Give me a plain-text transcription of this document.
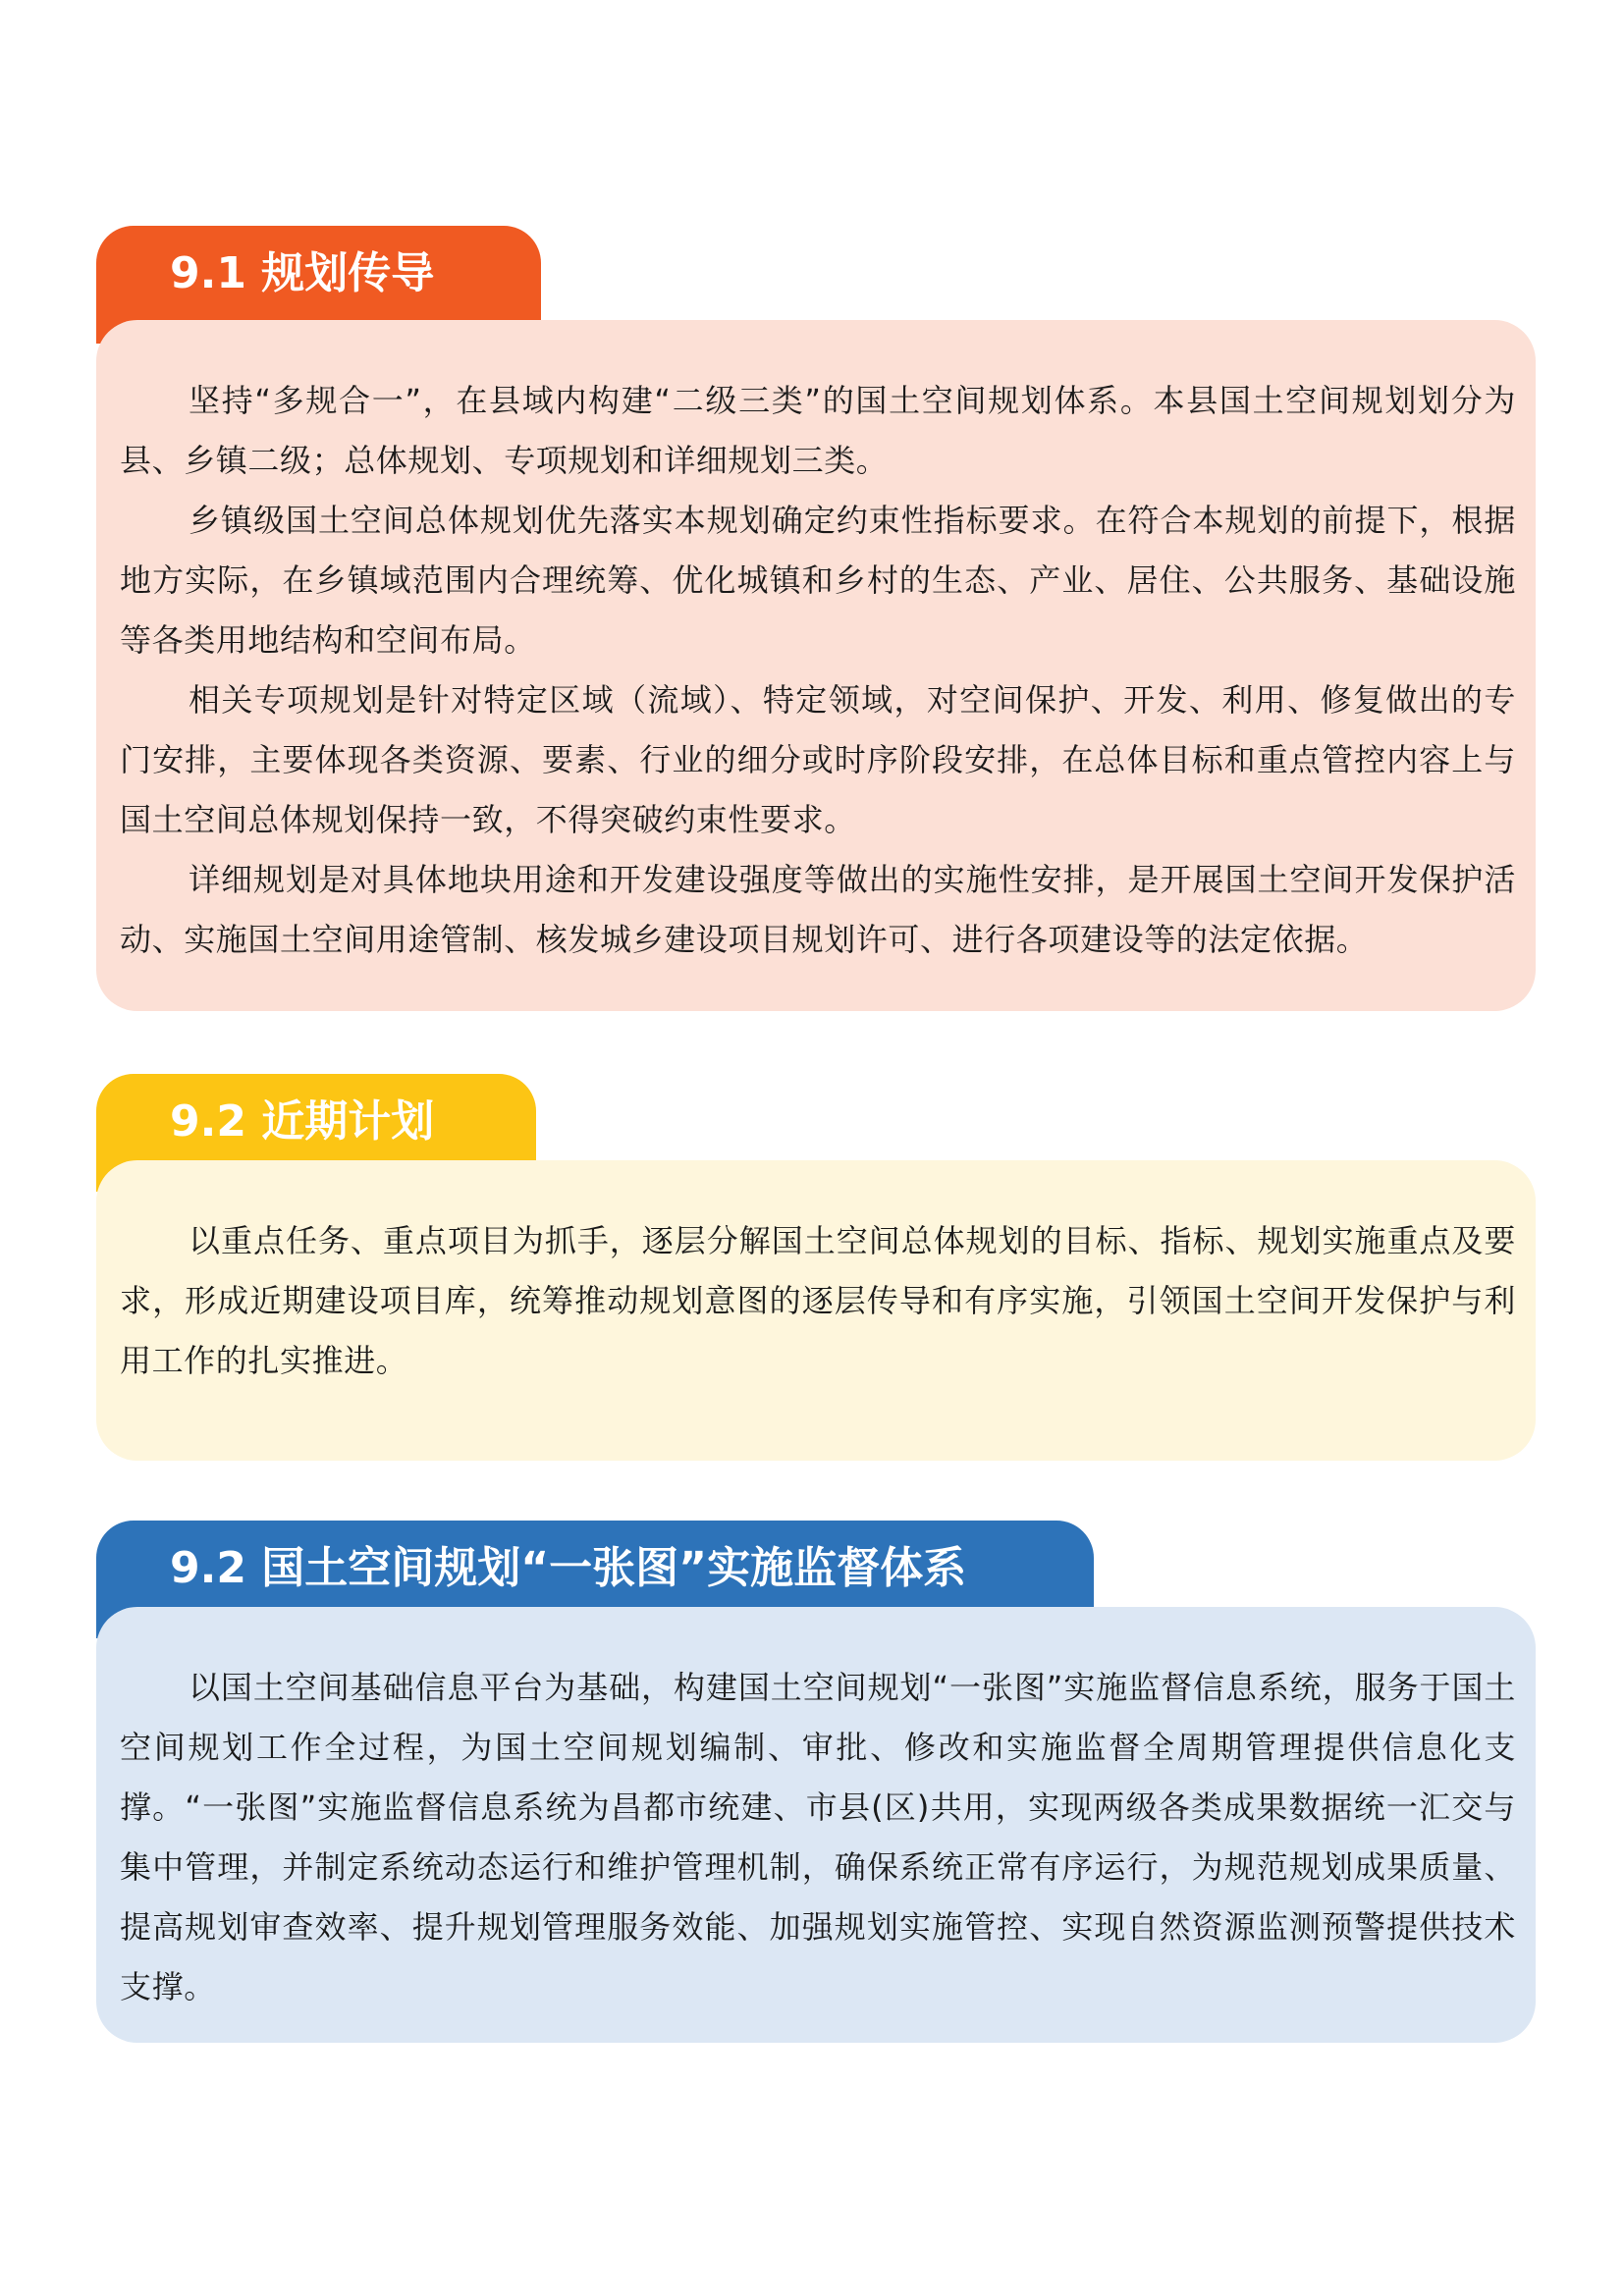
9.1 规划传导

坚持“多规合一”，在县域内构建“二级三类”的国土空间规划体系。本县国土空间规划划分为县、乡镇二级；总体规划、专项规划和详细规划三类。

乡镇级国土空间总体规划优先落实本规划确定约束性指标要求。在符合本规划的前提下，根据地方实际，在乡镇域范围内合理统筹、优化城镇和乡村的生态、产业、居住、公共服务、基础设施等各类用地结构和空间布局。

相关专项规划是针对特定区域（流域）、特定领域，对空间保护、开发、利用、修复做出的专门安排，主要体现各类资源、要素、行业的细分或时序阶段安排，在总体目标和重点管控内容上与国土空间总体规划保持一致，不得突破约束性要求。

详细规划是对具体地块用途和开发建设强度等做出的实施性安排，是开展国土空间开发保护活动、实施国土空间用途管制、核发城乡建设项目规划许可、进行各项建设等的法定依据。

9.2 近期计划

以重点任务、重点项目为抓手，逐层分解国土空间总体规划的目标、指标、规划实施重点及要求，形成近期建设项目库，统筹推动规划意图的逐层传导和有序实施，引领国土空间开发保护与利用工作的扎实推进。

9.2 国土空间规划“一张图”实施监督体系

以国土空间基础信息平台为基础，构建国土空间规划“一张图”实施监督信息系统，服务于国土空间规划工作全过程，为国土空间规划编制、审批、修改和实施监督全周期管理提供信息化支撑。“一张图”实施监督信息系统为昌都市统建、市县(区)共用，实现两级各类成果数据统一汇交与集中管理，并制定系统动态运行和维护管理机制，确保系统正常有序运行，为规范规划成果质量、提高规划审查效率、提升规划管理服务效能、加强规划实施管控、实现自然资源监测预警提供技术支撑。
